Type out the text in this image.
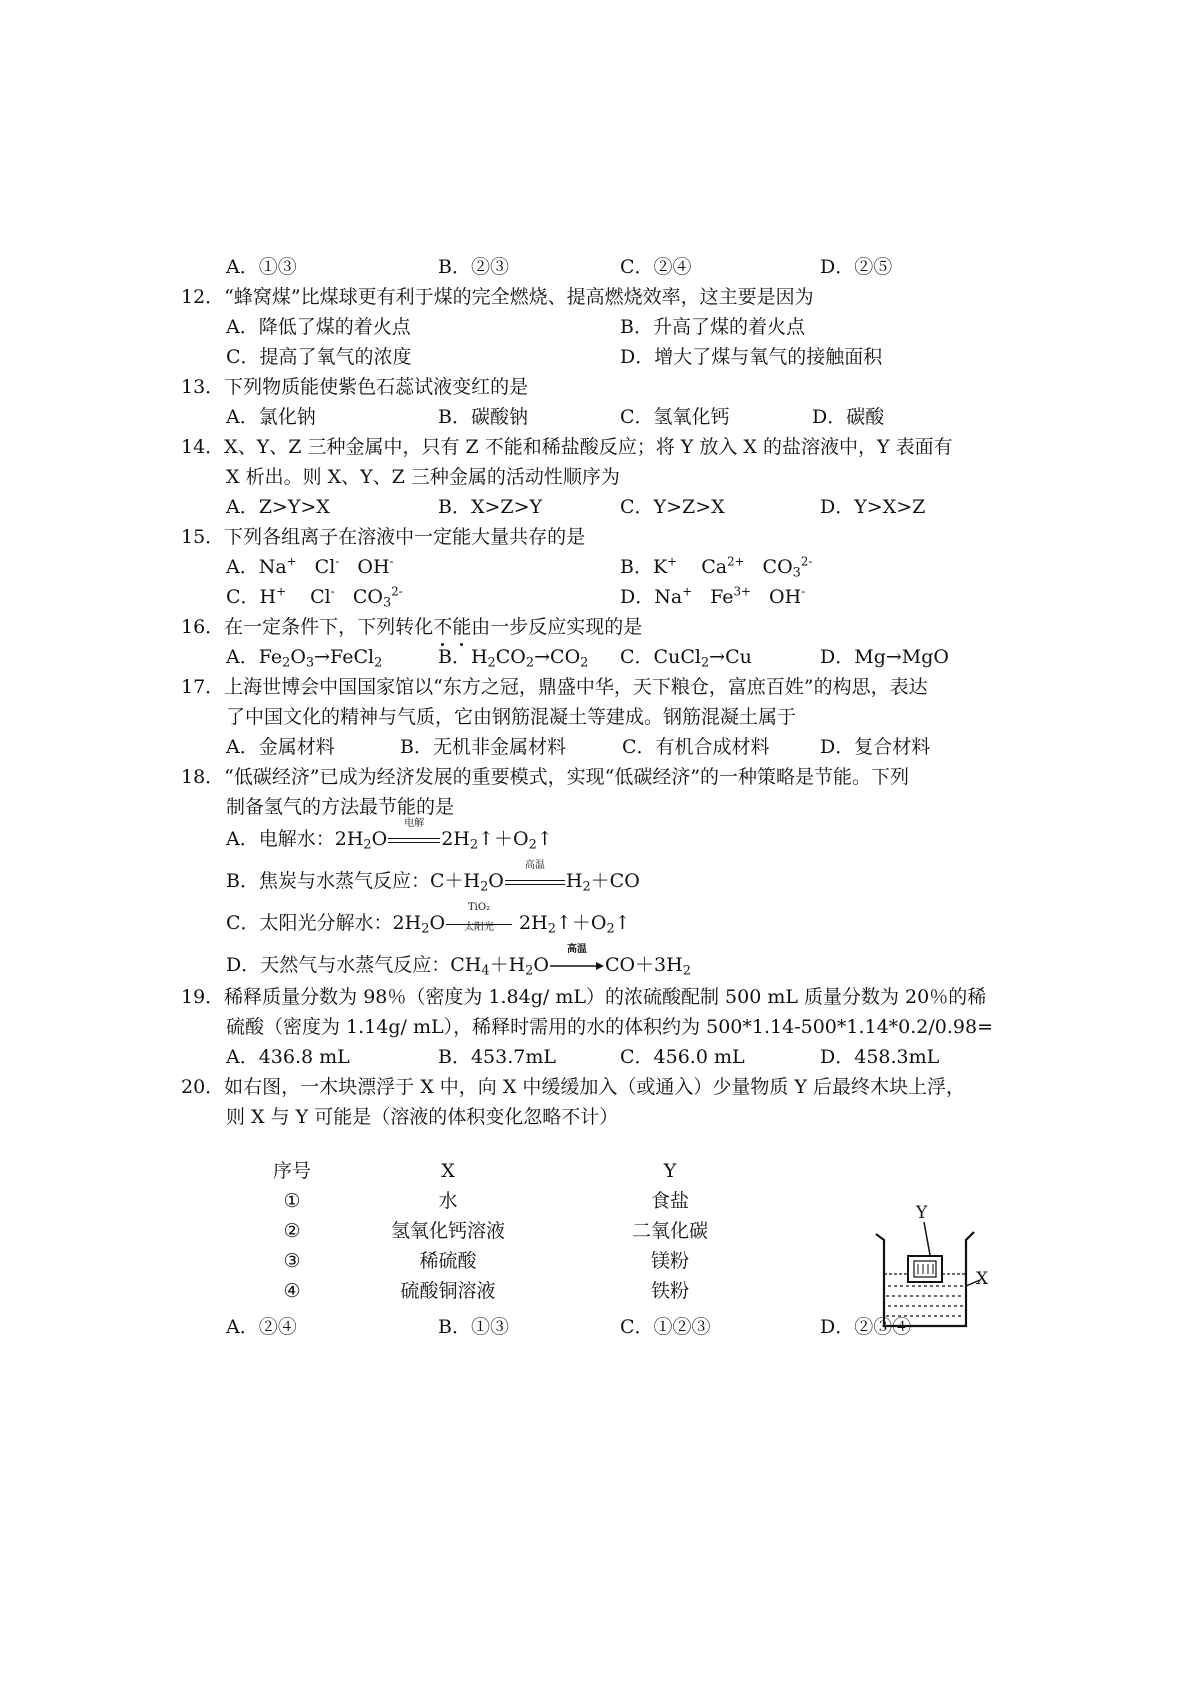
A．①③	B．②③	C．②④	D．②⑤
12．“蜂窝煤”比煤球更有利于煤的完全燃烧、提高燃烧效率，这主要是因为
A．降低了煤的着火点	B．升高了煤的着火点
C．提高了氧气的浓度	D．增大了煤与氧气的接触面积
13．下列物质能使紫色石蕊试液变红的是
A．氯化钠	B．碳酸钠	C．氢氧化钙	D．碳酸
14．X、Y、Z 三种金属中，只有 Z 不能和稀盐酸反应；将 Y 放入 X 的盐溶液中，Y 表面有
X 析出。则 X、Y、Z 三种金属的活动性顺序为
A．Z>Y>X	B．X>Z>Y	C．Y>Z>X	D．Y>X>Z
15．下列各组离子在溶液中一定能大量共存的是
A．Na+   Cl-   OH-	B．K+    $Ca^{2+}$   $CO_3^{2-}$
C．H+    Cl-   $CO_3^{2-}$	D．Na+   $Fe^{3+}$   OH-
16．在一定条件下，下列转化不能由一步反应实现的是
A．$Fe_2O_3\to FeCl_2$	B．$H_2CO_2\to CO_2$ C．CuCl$_2$→Cu	D．Mg→MgO
17．上海世博会中国国家馆以“东方之冠，鼎盛中华，天下粮仓，富庶百姓”的构思，表达
了中国文化的精神与气质，它由钢筋混凝土等建成。钢筋混凝土属于
A．金属材料	B．无机非金属材料	C．有机合成材料	D．复合材料
18．“低碳经济”已成为经济发展的重要模式，实现“低碳经济”的一种策略是节能。下列
制备氢气的方法最节能的是
A．电解水：$2H_2O$
电解
$2H_2↑+O_2↑$
B．焦炭与水蒸气反应：$C+H_2O$
高温
$H_2+CO$
C．太阳光分解水：$2H_2O$
TiO₂
太阳光	$2H_2↑+O_2↑$
D．天然气与水蒸气反应：$CH_4+H_2O$
高温
$CO+3H_2$
19．稀释质量分数为 98％（密度为 1.84g/ mL）的浓硫酸配制 500 mL 质量分数为 20％的稀
硫酸（密度为 1.14g/ mL），稀释时需用的水的体积约为 500*1.14-500*1.14*0.2/0.98=
A．436.8 mL	B．453.7mL	C．456.0 mL	D．458.3mL
20．如右图，一木块漂浮于 X 中，向 X 中缓缓加入（或通入）少量物质 Y 后最终木块上浮，
则 X 与 Y 可能是（溶液的体积变化忽略不计）
序号	X	Y
①	水	食盐
②	氢氧化钙溶液	二氧化碳
③	稀硫酸	镁粉
④	硫酸铜溶液	铁粉
Y
X
A．②④	B．①③	C．①②③	D．②③④
